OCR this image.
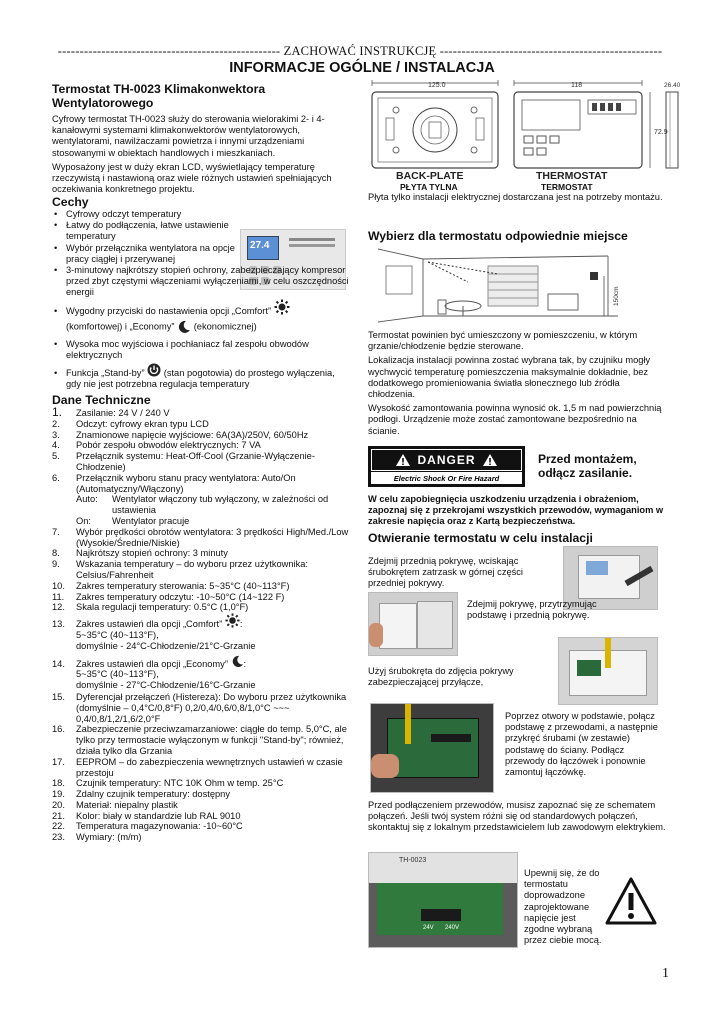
--------------------------------------------------- ZACHOWAĆ INSTRUKCJĘ ---------------------------------------------------
INFORMACJE OGÓLNE / INSTALACJA
Termostat TH-0023 Klimakonwektora Wentylatorowego

Cyfrowy termostat TH-0023 służy do sterowania wielorakimi 2- i 4-kanałowymi systemami klimakonwektorów wentylatorowych, wentylatorami, nawilżaczami powietrza i innymi urządzeniami stosowanymi w obiektach handlowych i mieszkaniach.

Wyposażony jest w duży ekran LCD, wyświetlający temperaturę rzeczywistą i nastawioną oraz wiele różnych ustawień spełniających oczekiwania konkretnego projektu.

Cechy
27.4
• Cyfrowy odczyt temperatury
• Łatwy do podłączenia, łatwe ustawienie temperatury
• Wybór przełącznika wentylatora na opcje pracy ciągłej i przerywanej
• 3-minutowy najkrótszy stopień ochrony, zabezpieczający kompresor przed zbyt częstymi włączeniami wyłączeniami, w celu oszczędności energii
• Wygodny przyciski do nastawienia opcji „Comfort”
(komfortowej) i „Economy” (ekonomicznej)
• Wysoka moc wyjściowa i pochłaniacz fal zespołu obwodów elektrycznych
• Funkcja „Stand-by” (stan pogotowia) do prostego wyłączenia, gdy nie jest potrzebna regulacja temperatury
Dane Techniczne
1. Zasilanie: 24 V / 240 V
2. Odczyt: cyfrowy ekran typu LCD
3. Znamionowe napięcie wyjściowe: 6A(3A)/250V, 60/50Hz
4. Pobór zespołu obwodów elektrycznych: 7 VA
5. Przełącznik systemu: Heat-Off-Cool (Grzanie-Wyłączenie-Chłodzenie)
6. Przełącznik wyboru stanu pracy wentylatora: Auto/On (Automatyczny/Włączony)
Auto:	Wentylator włączony tub wyłączony, w zależności od ustawienia
On:	Wentylator pracuje
7. Wybór prędkości obrotów wentylatora: 3 prędkości High/Med./Low (Wysokie/Średnie/Niskie)
8. Najkrótszy stopień ochrony: 3 minuty
9. Wskazania temperatury – do wyboru przez użytkownika: Celsius/Fahrenheit
10. Zakres temperatury sterowania: 5~35°C (40~113°F)
11. Zakres temperatury odczytu: -10~50°C (14~122 F)
12. Skala regulacji temperatury: 0.5°C (1,0°F)
13. Zakres ustawień dla opcji „Comfort” :
5~35°C (40~113°F),
domyślnie - 24°C-Chłodzenie/21°C-Grzanie
14. Zakres ustawień dla opcji „Economy” :
5~35°C (40~113°F),
domyślnie - 27°C-Chłodzenie/16°C-Grzanie
15. Dyferencjał przełączeń (Histereza): Do wyboru przez użytkownika (domyślnie – 0,4°C/0,8°F) 0,2/0,4/0,6/0,8/1,0°C ~~~ 0,4/0,8/1,2/1,6/2,0°F
16. Zabezpieczenie przeciwzamarzaniowe: ciągłe do temp. 5,0°C, ale tylko przy termostacie wyłączonym w funkcji "Stand-by"; również, działa tylko dla Grzania
17. EEPROM – do zabezpieczenia wewnętrznych ustawień w czasie przestoju
18. Czujnik temperatury: NTC 10K Ohm w temp. 25°C
19. Zdalny czujnik temperatury: dostępny
20. Materiał: niepalny plastik
21. Kolor: biały w standardzie lub RAL 9010
22. Temperatura magazynowania: -10~60°C
23. Wymiary: (m/m)
125.0
BACK-PLATE
118
72.9
THERMOSTAT
26.40
PŁYTA TYLNA	TERMOSTAT

Płyta tylko instalacji elektrycznej dostarczana jest na potrzeby montażu.

Wybierz dla termostatu odpowiednie miejsce
150cm

Termostat powinien być umieszczony w pomieszczeniu, w którym grzanie/chłodzenie będzie sterowane.

Lokalizacja instalacji powinna zostać wybrana tak, by czujniku mogły wychwycić temperaturę pomieszczenia maksymalnie dokładnie, bez dodatkowego promieniowania światła słonecznego lub źródła chłodzenia.

Wysokość zamontowania powinna wynosić ok. 1,5 m nad powierzchnią podłogi. Urządzenie może zostać zamontowane bezpośrednio na ścianie.

DANGER
Electric Shock Or Fire Hazard
Przed montażem, odłącz zasilanie.

W celu zapobiegnięcia uszkodzeniu urządzenia i obrażeniom, zapoznaj się z przekrojami wszystkich przewodów, wymaganiom w zakresie napięcia oraz z Kartą bezpieczeństwa.

Otwieranie termostatu w celu instalacji

Zdejmij przednią pokrywę, wciskając śrubokrętem zatrzask w górnej części przedniej pokrywy.

Zdejmij pokrywę, przytrzymując podstawę i przednią pokrywę.

Użyj śrubokręta do zdjęcia pokrywy zabezpieczającej przyłącze,

Poprzez otwory w podstawie, połącz podstawę z przewodami, a następnie przykręć śrubami (w zestawie) podstawę do ściany. Podłącz przewody do łączówek i ponownie zamontuj łączówkę.

Przed podłączeniem przewodów, musisz zapoznać się ze schematem połączeń. Jeśli twój system różni się od standardowych połączeń, skontaktuj się z lokalnym przedstawicielem lub zawodowym elektrykiem.

TH-0023
24V 240V

Upewnij się, że do termostatu doprowadzone zaprojektowane napięcie jest zgodne wybraną przez ciebie mocą.

1
